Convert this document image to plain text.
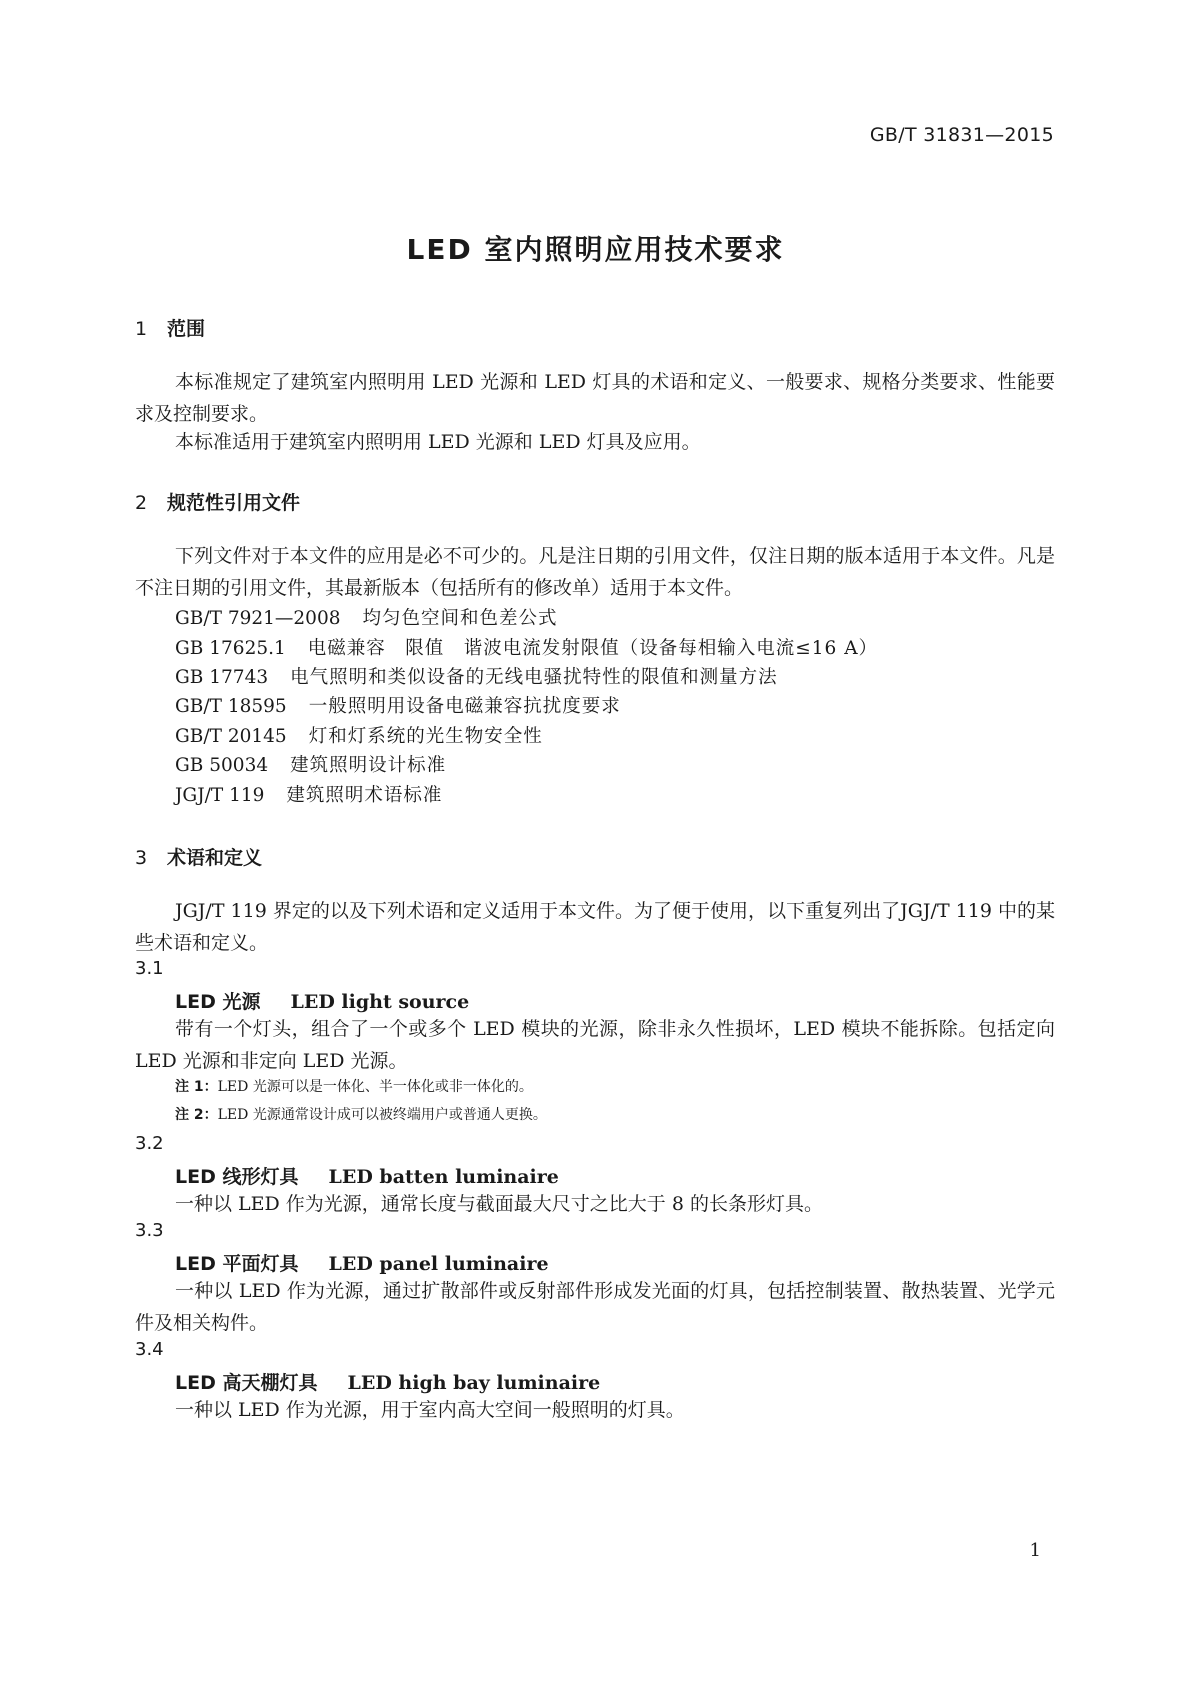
GB/T 31831—2015
LED 室内照明应用技术要求
1 范围
本标准规定了建筑室内照明用 LED 光源和 LED 灯具的术语和定义、一般要求、规格分类要求、性能要求及控制要求。
本标准适用于建筑室内照明用 LED 光源和 LED 灯具及应用。
2 规范性引用文件
下列文件对于本文件的应用是必不可少的。凡是注日期的引用文件，仅注日期的版本适用于本文件。凡是不注日期的引用文件，其最新版本（包括所有的修改单）适用于本文件。
GB/T 7921—2008 均匀色空间和色差公式
GB 17625.1 电磁兼容　限值　谐波电流发射限值（设备每相输入电流≤16 A）
GB 17743 电气照明和类似设备的无线电骚扰特性的限值和测量方法
GB/T 18595 一般照明用设备电磁兼容抗扰度要求
GB/T 20145 灯和灯系统的光生物安全性
GB 50034 建筑照明设计标准
JGJ/T 119 建筑照明术语标准
3 术语和定义
JGJ/T 119 界定的以及下列术语和定义适用于本文件。为了便于使用，以下重复列出了JGJ/T 119 中的某些术语和定义。
3.1
LED 光源 LED light source
带有一个灯头，组合了一个或多个 LED 模块的光源，除非永久性损坏，LED 模块不能拆除。包括定向 LED 光源和非定向 LED 光源。
注 1：LED 光源可以是一体化、半一体化或非一体化的。
注 2：LED 光源通常设计成可以被终端用户或普通人更换。
3.2
LED 线形灯具 LED batten luminaire
一种以 LED 作为光源，通常长度与截面最大尺寸之比大于 8 的长条形灯具。
3.3
LED 平面灯具 LED panel luminaire
一种以 LED 作为光源，通过扩散部件或反射部件形成发光面的灯具，包括控制装置、散热装置、光学元件及相关构件。
3.4
LED 高天棚灯具 LED high bay luminaire
一种以 LED 作为光源，用于室内高大空间一般照明的灯具。
1
